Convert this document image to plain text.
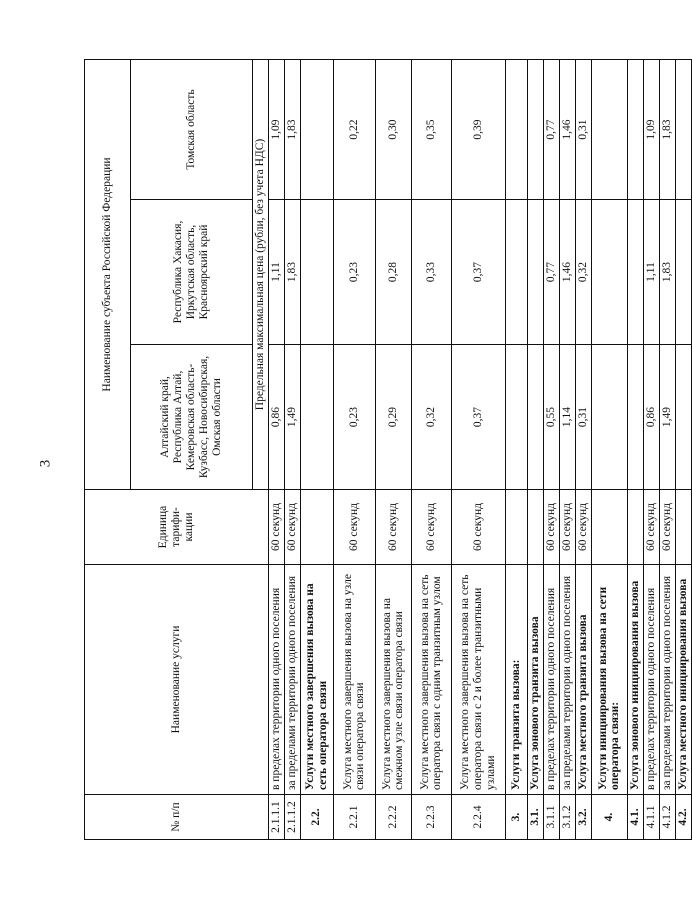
3
№ п/п	Наименование услуги	Единица тарифи-кации	Наименование субъекта Российской Федерации		
			Алтайский край, Республика Алтай, Кемеровская область-Кузбасс, Новосибирская, Омская области	Республика Хакасия, Иркутская область, Красноярский край	Томская область
			Предельная максимальная цена (рубли, без учета НДС)		
2.1.1.1	в пределах территории одного поселения	60 секунд	0,86	1,11	1,09
2.1.1.2	за пределами территории одного поселения	60 секунд	1,49	1,83	1,83
2.2.	Услуги местного завершения вызова на сеть оператора связи				
2.2.1	Услуга местного завершения вызова на узле связи оператора связи	60 секунд	0,23	0,23	0,22
2.2.2	Услуга местного завершения вызова на смежном узле связи оператора связи	60 секунд	0,29	0,28	0,30
2.2.3	Услуга местного завершения вызова на сеть оператора связи с одним транзитным узлом	60 секунд	0,32	0,33	0,35
2.2.4	Услуга местного завершения вызова на сеть оператора связи с 2 и более транзитными узлами	60 секунд	0,37	0,37	0,39
3.	Услуги транзита вызова:				
3.1.	Услуга зонового транзита вызова				
3.1.1	в пределах территории одного поселения	60 секунд	0,55	0,77	0,77
3.1.2	за пределами территории одного поселения	60 секунд	1,14	1,46	1,46
3.2.	Услуга местного транзита вызова	60 секунд	0,31	0,32	0,31
4.	Услуги инициирования вызова на сети оператора связи:				
4.1.	Услуга зонового инициирования вызова				
4.1.1	в пределах территории одного поселения	60 секунд	0,86	1,11	1,09
4.1.2	за пределами территории одного поселения	60 секунд	1,49	1,83	1,83
4.2.	Услуга местного инициирования вызова				
